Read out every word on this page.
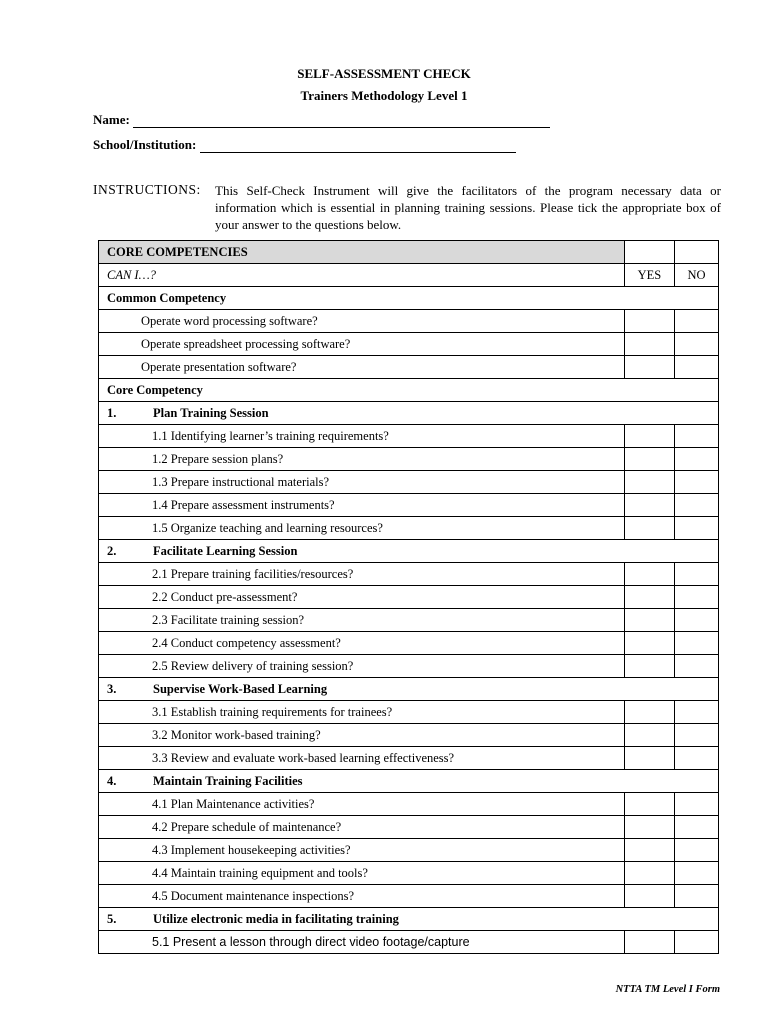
SELF-ASSESSMENT CHECK
Trainers Methodology Level 1
Name:
School/Institution:
INSTRUCTIONS: This Self-Check Instrument will give the facilitators of the program necessary data or information which is essential in planning training sessions. Please tick the appropriate box of your answer to the questions below.
CORE COMPETENCIES		
CAN I…?	YES	NO
Common Competency		
Operate word processing software?		
Operate spreadsheet processing software?		
Operate presentation software?		
Core Competency		
1. Plan Training Session		
1.1 Identifying learner’s training requirements?		
1.2 Prepare session plans?		
1.3 Prepare instructional materials?		
1.4 Prepare assessment instruments?		
1.5 Organize teaching and learning resources?		
2. Facilitate Learning Session		
2.1 Prepare training facilities/resources?		
2.2 Conduct pre-assessment?		
2.3 Facilitate training session?		
2.4 Conduct competency assessment?		
2.5 Review delivery of training session?		
3. Supervise Work-Based Learning		
3.1 Establish training requirements for trainees?		
3.2 Monitor work-based training?		
3.3 Review and evaluate work-based learning effectiveness?		
4. Maintain Training Facilities		
4.1 Plan Maintenance activities?		
4.2 Prepare schedule of maintenance?		
4.3 Implement housekeeping activities?		
4.4 Maintain training equipment and tools?		
4.5 Document maintenance inspections?		
5. Utilize electronic media in facilitating training		
5.1 Present a lesson through direct video footage/capture		
NTTA TM Level I Form
